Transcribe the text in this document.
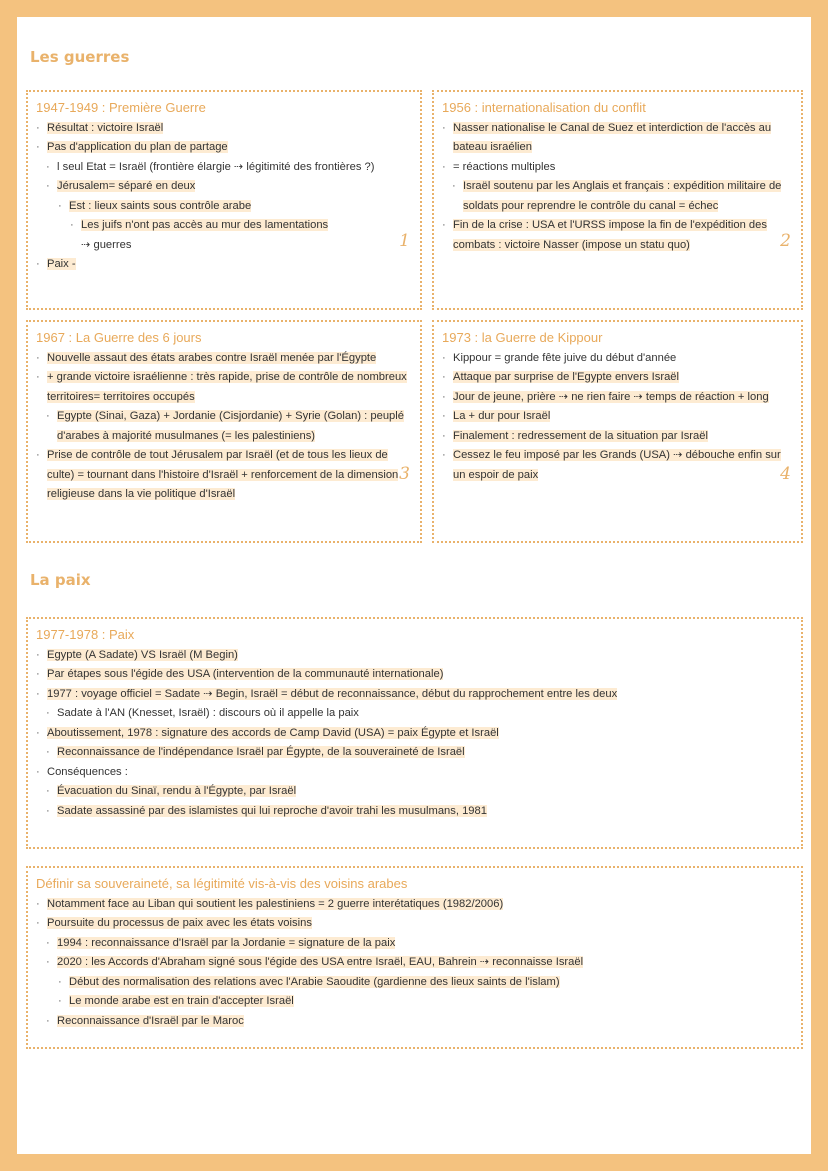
Les guerres
1947-1949 : Première Guerre
· Résultat : victoire Israël
· Pas d'application du plan de partage
· l seul Etat = Israël (frontière élargie ⇢ légitimité des frontières ?)
· Jérusalem= séparé en deux
· Est : lieux saints sous contrôle arabe
· Les juifs n'ont pas accès au mur des lamentations
⇢ guerres
· Paix -
1
1956 : internationalisation du conflit
· Nasser nationalise le Canal de Suez et interdiction de l'accès au bateau israélien
· = réactions multiples
· Israël soutenu par les Anglais et français : expédition militaire de soldats pour reprendre le contrôle du canal = échec
· Fin de la crise : USA et l'URSS impose la fin de l'expédition des combats : victoire Nasser (impose un statu quo)	2
1967 : La Guerre des 6 jours
· Nouvelle assaut des états arabes contre Israël menée par l'Égypte
· + grande victoire israélienne : très rapide, prise de contrôle de nombreux territoires= territoires occupés
· Egypte (Sinai, Gaza) + Jordanie (Cisjordanie) + Syrie (Golan) : peuplé d'arabes à majorité musulmanes (= les palestiniens)
· Prise de contrôle de tout Jérusalem par Israël (et de tous les lieux de culte) = tournant dans l'histoire d'Israël + renforcement de la dimension religieuse dans la vie politique d'Israël
3
1973 : la Guerre de Kippour
· Kippour = grande fête juive du début d'année
· Attaque par surprise de l'Egypte envers Israël
· Jour de jeune, prière ⇢ ne rien faire ⇢ temps de réaction + long
· La + dur pour Israël
· Finalement : redressement de la situation par Israël
· Cessez le feu imposé par les Grands (USA) ⇢ débouche enfin sur un espoir de paix	4
La paix
1977-1978 : Paix
· Egypte (A Sadate) VS Israël (M Begin)
· Par étapes sous l'égide des USA (intervention de la communauté internationale)
· 1977 : voyage officiel = Sadate ⇢ Begin, Israël = début de reconnaissance, début du rapprochement entre les deux
· Sadate à l'AN (Knesset, Israël) : discours où il appelle la paix
· Aboutissement, 1978 : signature des accords de Camp David (USA) = paix Égypte et Israël
· Reconnaissance de l'indépendance Israël par Égypte, de la souveraineté de Israël
· Conséquences :
· Évacuation du Sinaï, rendu à l'Égypte, par Israël
· Sadate assassiné par des islamistes qui lui reproche d'avoir trahi les musulmans, 1981
Définir sa souveraineté, sa légitimité vis-à-vis des voisins arabes
· Notamment face au Liban qui soutient les palestiniens = 2 guerre interétatiques (1982/2006)
· Poursuite du processus de paix avec les états voisins
· 1994 : reconnaissance d'Israël par la Jordanie = signature de la paix
· 2020 : les Accords d'Abraham signé sous l'égide des USA entre Israël, EAU, Bahrein ⇢ reconnaisse Israël
· Début des normalisation des relations avec l'Arabie Saoudite (gardienne des lieux saints de l'islam)
· Le monde arabe est en train d'accepter Israël
· Reconnaissance d'Israël par le Maroc
